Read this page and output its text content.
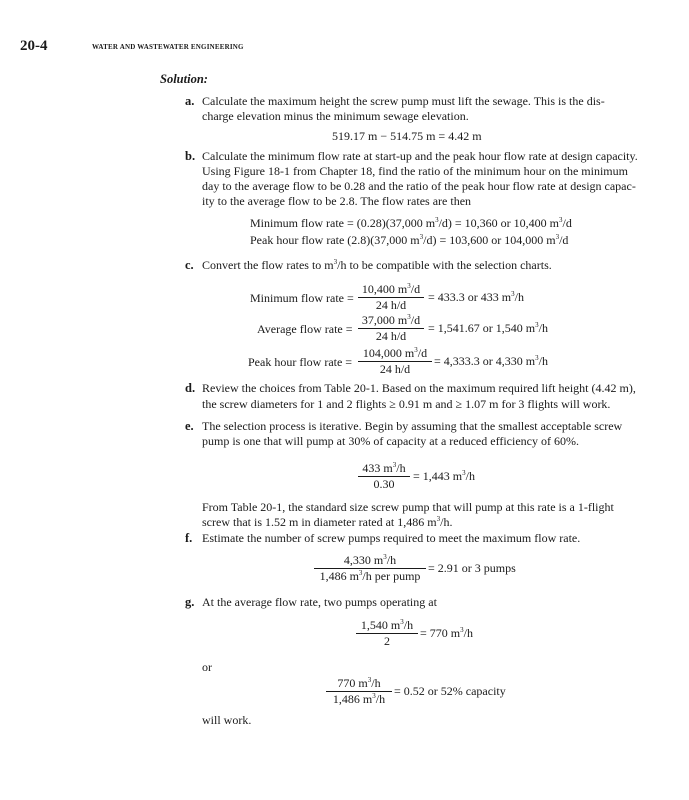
20-4	WATER AND WASTEWATER ENGINEERING
Solution:
a. Calculate the maximum height the screw pump must lift the sewage. This is the dis-
charge elevation minus the minimum sewage elevation.
519.17 m − 514.75 m = 4.42 m
b. Calculate the minimum flow rate at start-up and the peak hour flow rate at design capacity.
Using Figure 18-1 from Chapter 18, find the ratio of the minimum hour on the minimum
day to the average flow to be 0.28 and the ratio of the peak hour flow rate at design capac-
ity to the average flow to be 2.8. The flow rates are then
Minimum flow rate = (0.28)(37,000 $m^3/d) = 10,360$ or 10,400 $m^3/d$
Peak hour flow rate (2.8)(37,000 $m^3/d) = 103,600$ or 104,000 $m^3/d$
c. Convert the flow rates to $m^3/h$ to be compatible with the selection charts.
Minimum flow rate = $\frac{10,400 m^3/d}{24 h/d} = 433.3$ or 433 $m^3/h$
Average flow rate = $\frac{37,000 m^3/d}{24 h/d} = 1,541.67$ or 1,540 $m^3/h$
Peak hour flow rate = $\frac{104,000 m^3/d}{24 h/d} = 4,333.3$ or 4,330 $m^3/h$
d. Review the choices from Table 20-1. Based on the maximum required lift height (4.42 m),
the screw diameters for 1 and 2 flights ≥ 0.91 m and ≥ 1.07 m for 3 flights will work.
e. The selection process is iterative. Begin by assuming that the smallest acceptable screw
pump is one that will pump at 30% of capacity at a reduced efficiency of 60%.
$\frac{433 m^3/h}{0.30} = 1,443$ $m^3/h$
From Table 20-1, the standard size screw pump that will pump at this rate is a 1-flight
screw that is 1.52 m in diameter rated at 1,486 $m^3/h$.
f. Estimate the number of screw pumps required to meet the maximum flow rate.
4,330 $m^3/h$
1,486 $m^3/h$ per pump
= 2.91 or 3 pumps
g. At the average flow rate, two pumps operating at
$\frac{1,540 m^3/h}{2} = 770$ $m^3/h$
or
$\frac{770 m^3/h}{1,486 m^3/h} = 0.52$ or 52% capacity
will work.
